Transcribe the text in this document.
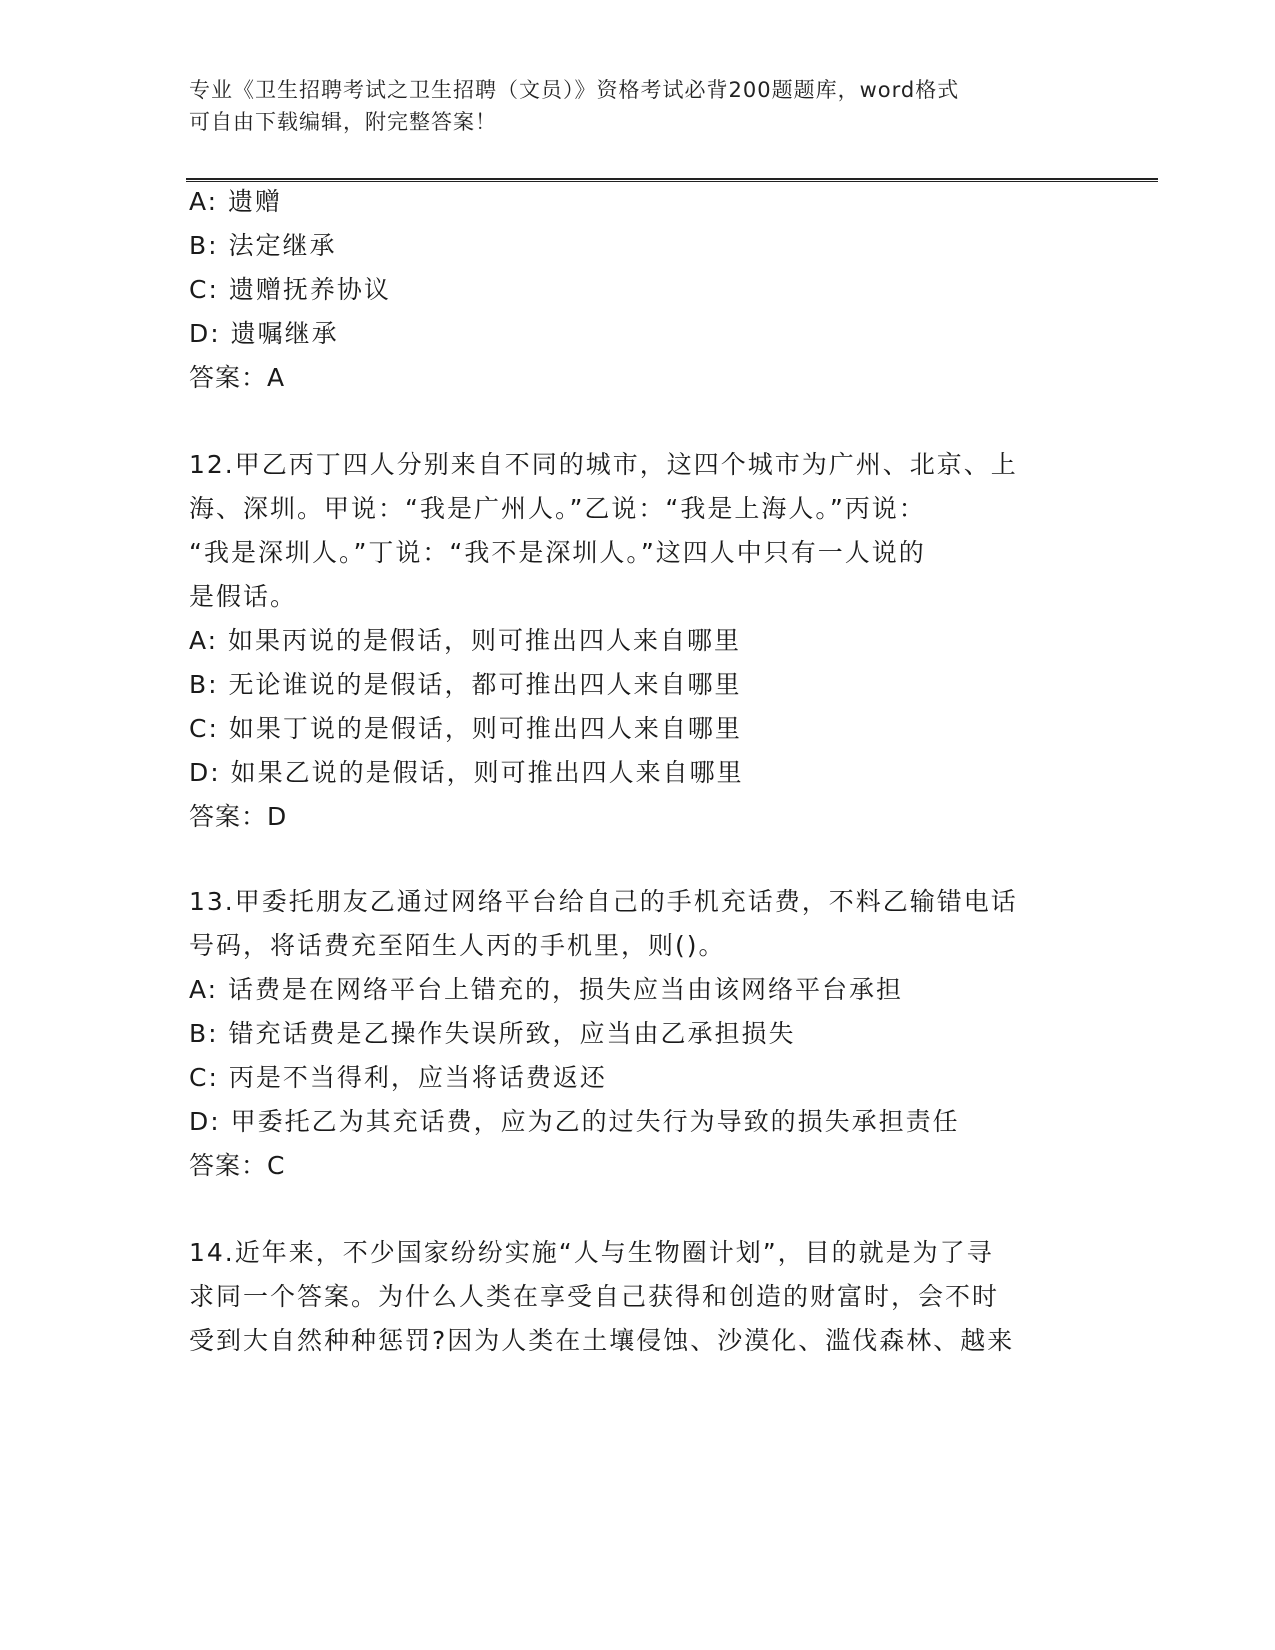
专业《卫生招聘考试之卫生招聘（文员）》资格考试必背200题题库，word格式
可自由下载编辑，附完整答案！
A: 遗赠
B: 法定继承
C: 遗赠抚养协议
D: 遗嘱继承
答案：A
12.甲乙丙丁四人分别来自不同的城市，这四个城市为广州、北京、上
海、深圳。甲说：“我是广州人。”乙说：“我是上海人。”丙说：
“我是深圳人。”丁说：“我不是深圳人。”这四人中只有一人说的
是假话。
A: 如果丙说的是假话，则可推出四人来自哪里
B: 无论谁说的是假话，都可推出四人来自哪里
C: 如果丁说的是假话，则可推出四人来自哪里
D: 如果乙说的是假话，则可推出四人来自哪里
答案：D
13.甲委托朋友乙通过网络平台给自己的手机充话费，不料乙输错电话
号码，将话费充至陌生人丙的手机里，则()。
A: 话费是在网络平台上错充的，损失应当由该网络平台承担
B: 错充话费是乙操作失误所致，应当由乙承担损失
C: 丙是不当得利，应当将话费返还
D: 甲委托乙为其充话费，应为乙的过失行为导致的损失承担责任
答案：C
14.近年来，不少国家纷纷实施“人与生物圈计划”，目的就是为了寻
求同一个答案。为什么人类在享受自己获得和创造的财富时，会不时
受到大自然种种惩罚?因为人类在土壤侵蚀、沙漠化、滥伐森林、越来
